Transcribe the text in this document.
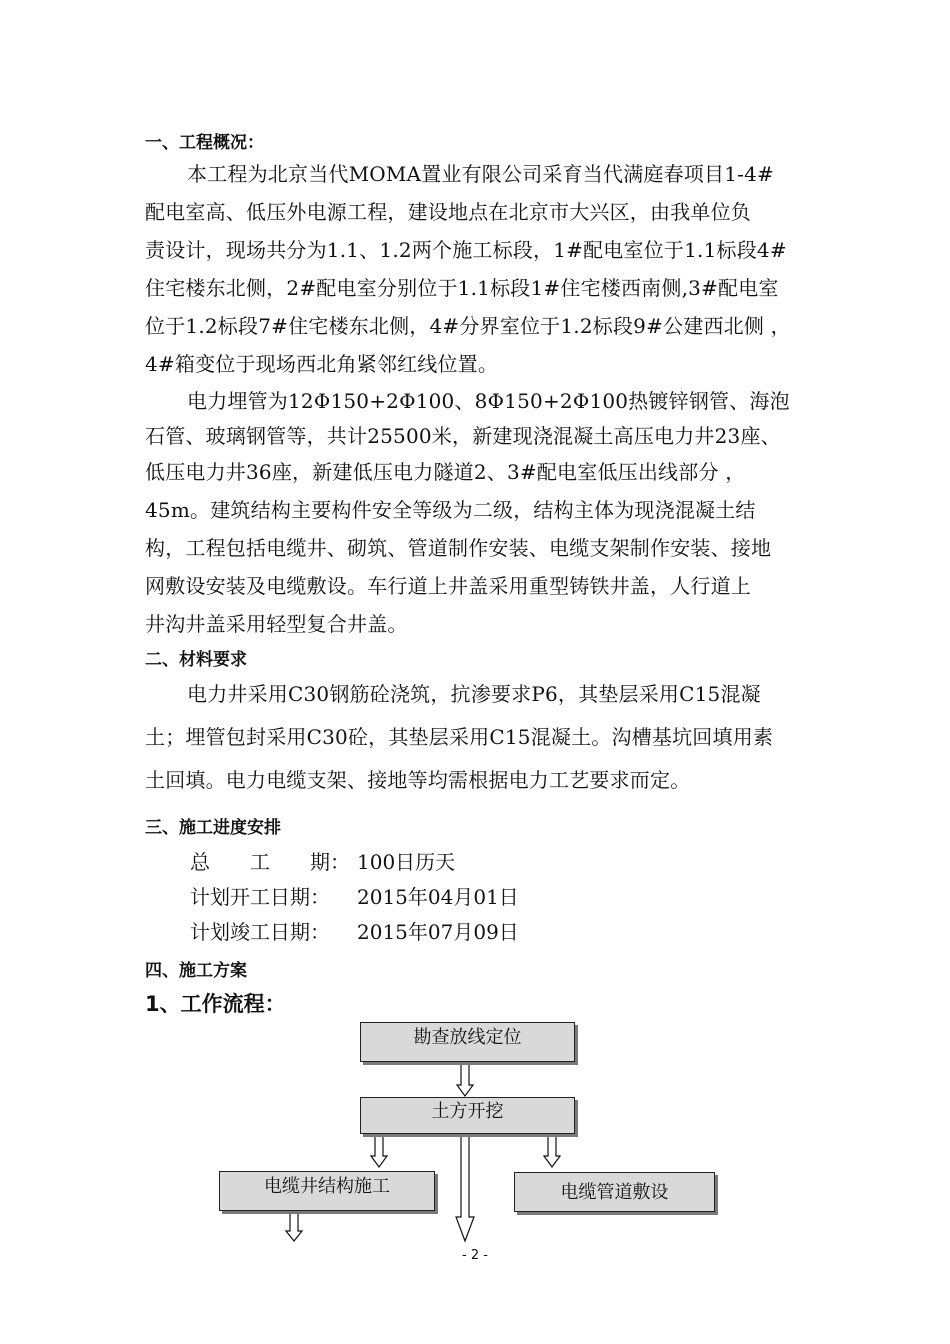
一、工程概况：
本工程为北京当代MOMA置业有限公司采育当代满庭春项目1-4#
配电室高、低压外电源工程，建设地点在北京市大兴区，由我单位负
责设计，现场共分为1.1、1.2两个施工标段，1#配电室位于1.1标段4#
住宅楼东北侧，2#配电室分别位于1.1标段1#住宅楼西南侧,3#配电室
位于1.2标段7#住宅楼东北侧，4#分界室位于1.2标段9#公建西北侧 ，
4#箱变位于现场西北角紧邻红线位置。
电力埋管为12Φ150+2Φ100、8Φ150+2Φ100热镀锌钢管、海泡
石管、玻璃钢管等，共计25500米，新建现浇混凝土高压电力井23座、
低压电力井36座，新建低压电力隧道2、3#配电室低压出线部分 ，
45m。建筑结构主要构件安全等级为二级，结构主体为现浇混凝土结
构，工程包括电缆井、砌筑、管道制作安装、电缆支架制作安装、接地
网敷设安装及电缆敷设。车行道上井盖采用重型铸铁井盖，人行道上
井沟井盖采用轻型复合井盖。
二、材料要求
电力井采用C30钢筋砼浇筑，抗渗要求P6，其垫层采用C15混凝
土；埋管包封采用C30砼，其垫层采用C15混凝土。沟槽基坑回填用素
土回填。电力电缆支架、接地等均需根据电力工艺要求而定。
三、施工进度安排
总　　工　　期： 100日历天
计划开工日期： 2015年04月01日
计划竣工日期： 2015年07月09日
四、施工方案
1、工作流程：
勘查放线定位
土方开挖
电缆井结构施工	电缆管道敷设
- 2 -
